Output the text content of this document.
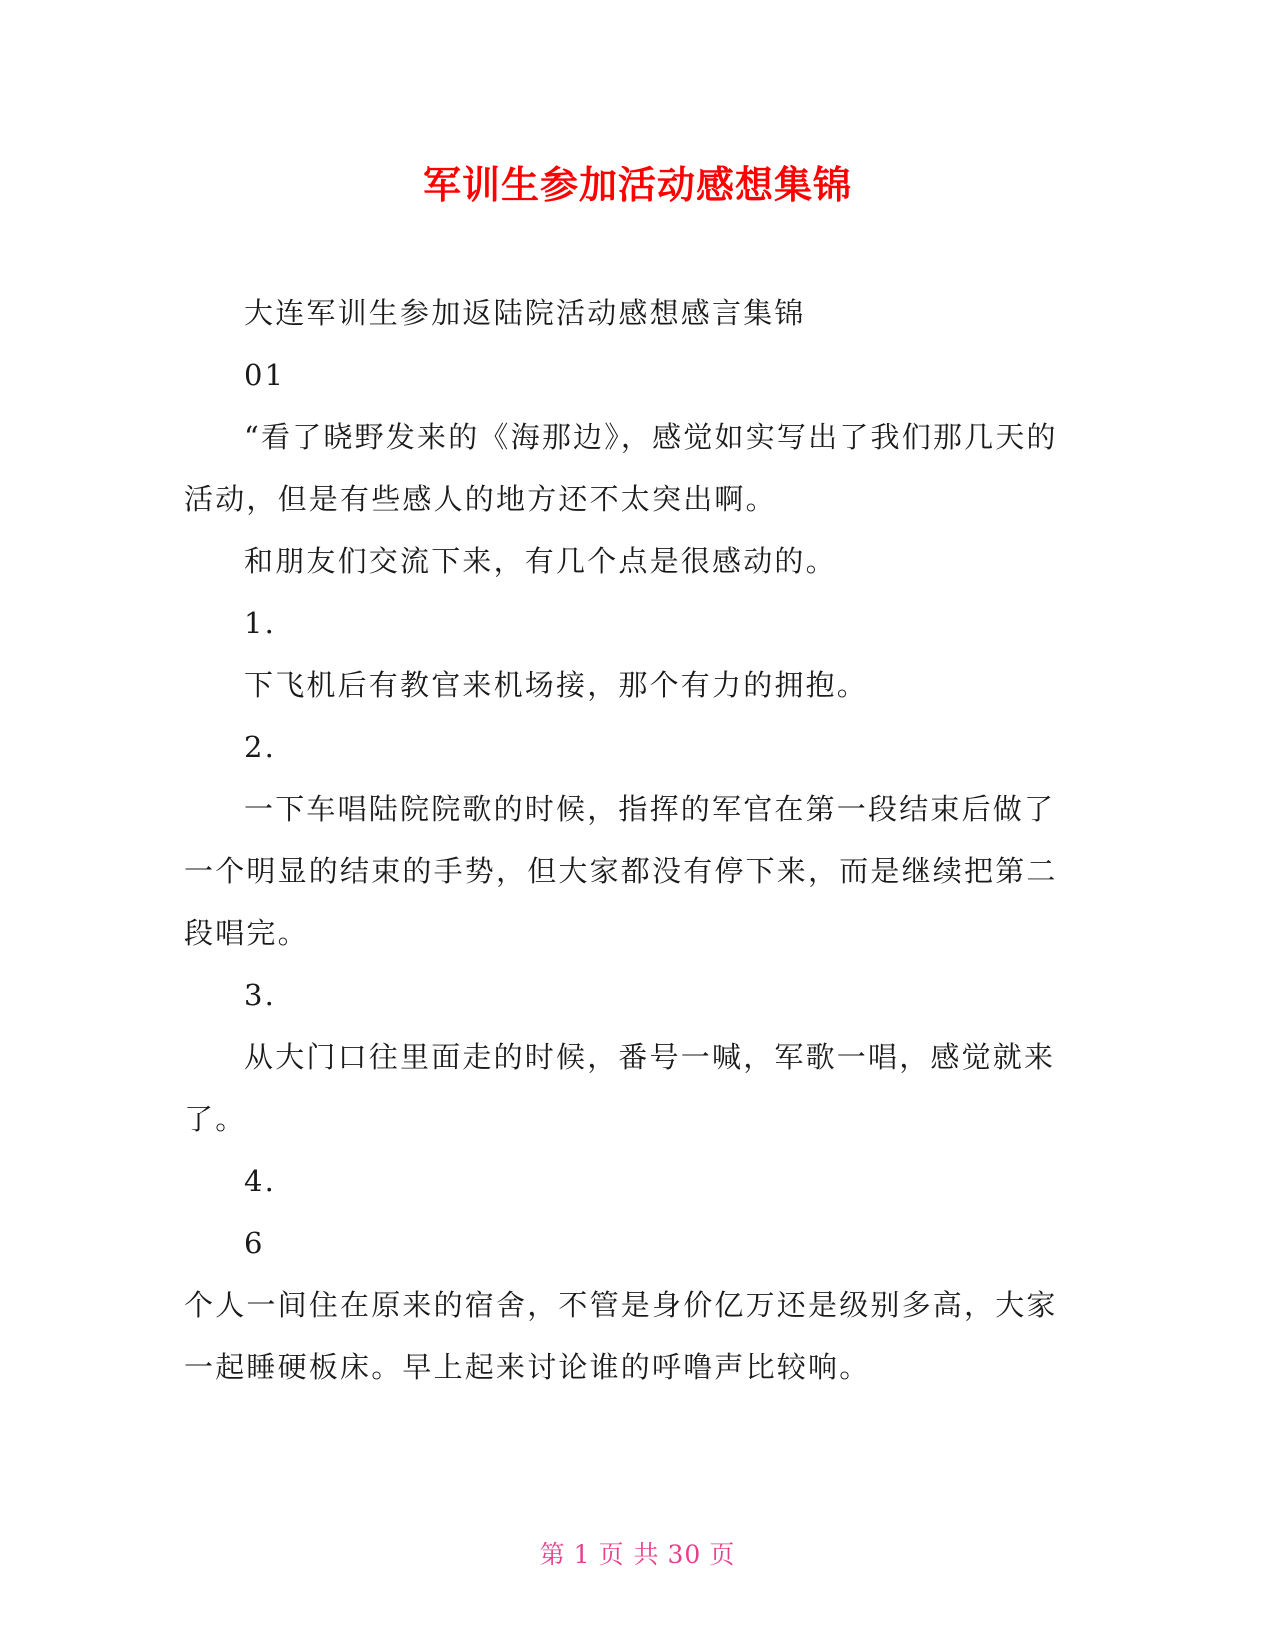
军训生参加活动感想集锦

大连军训生参加返陆院活动感想感言集锦

01

“看了晓野发来的《海那边》，感觉如实写出了我们那几天的活动，但是有些感人的地方还不太突出啊。

和朋友们交流下来，有几个点是很感动的。

1.

下飞机后有教官来机场接，那个有力的拥抱。

2.

一下车唱陆院院歌的时候，指挥的军官在第一段结束后做了一个明显的结束的手势，但大家都没有停下来，而是继续把第二段唱完。

3.

从大门口往里面走的时候，番号一喊，军歌一唱，感觉就来了。

4.

6

个人一间住在原来的宿舍，不管是身价亿万还是级别多高，大家一起睡硬板床。早上起来讨论谁的呼噜声比较响。

第 1 页 共 30 页
